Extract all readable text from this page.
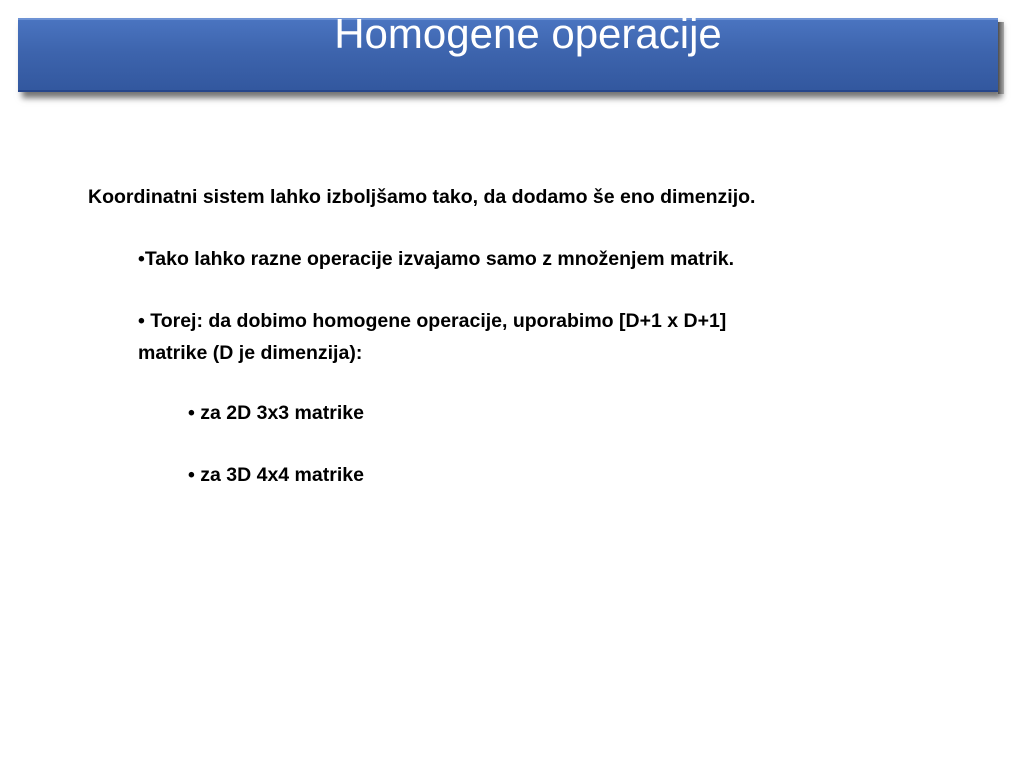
Homogene operacije

Koordinatni sistem lahko izboljšamo tako, da dodamo še eno dimenzijo.

•Tako lahko razne operacije izvajamo samo z množenjem matrik.

• Torej: da dobimo homogene operacije, uporabimo [D+1 x D+1]

matrike (D je dimenzija):

• za 2D 3x3 matrike

• za 3D 4x4 matrike
